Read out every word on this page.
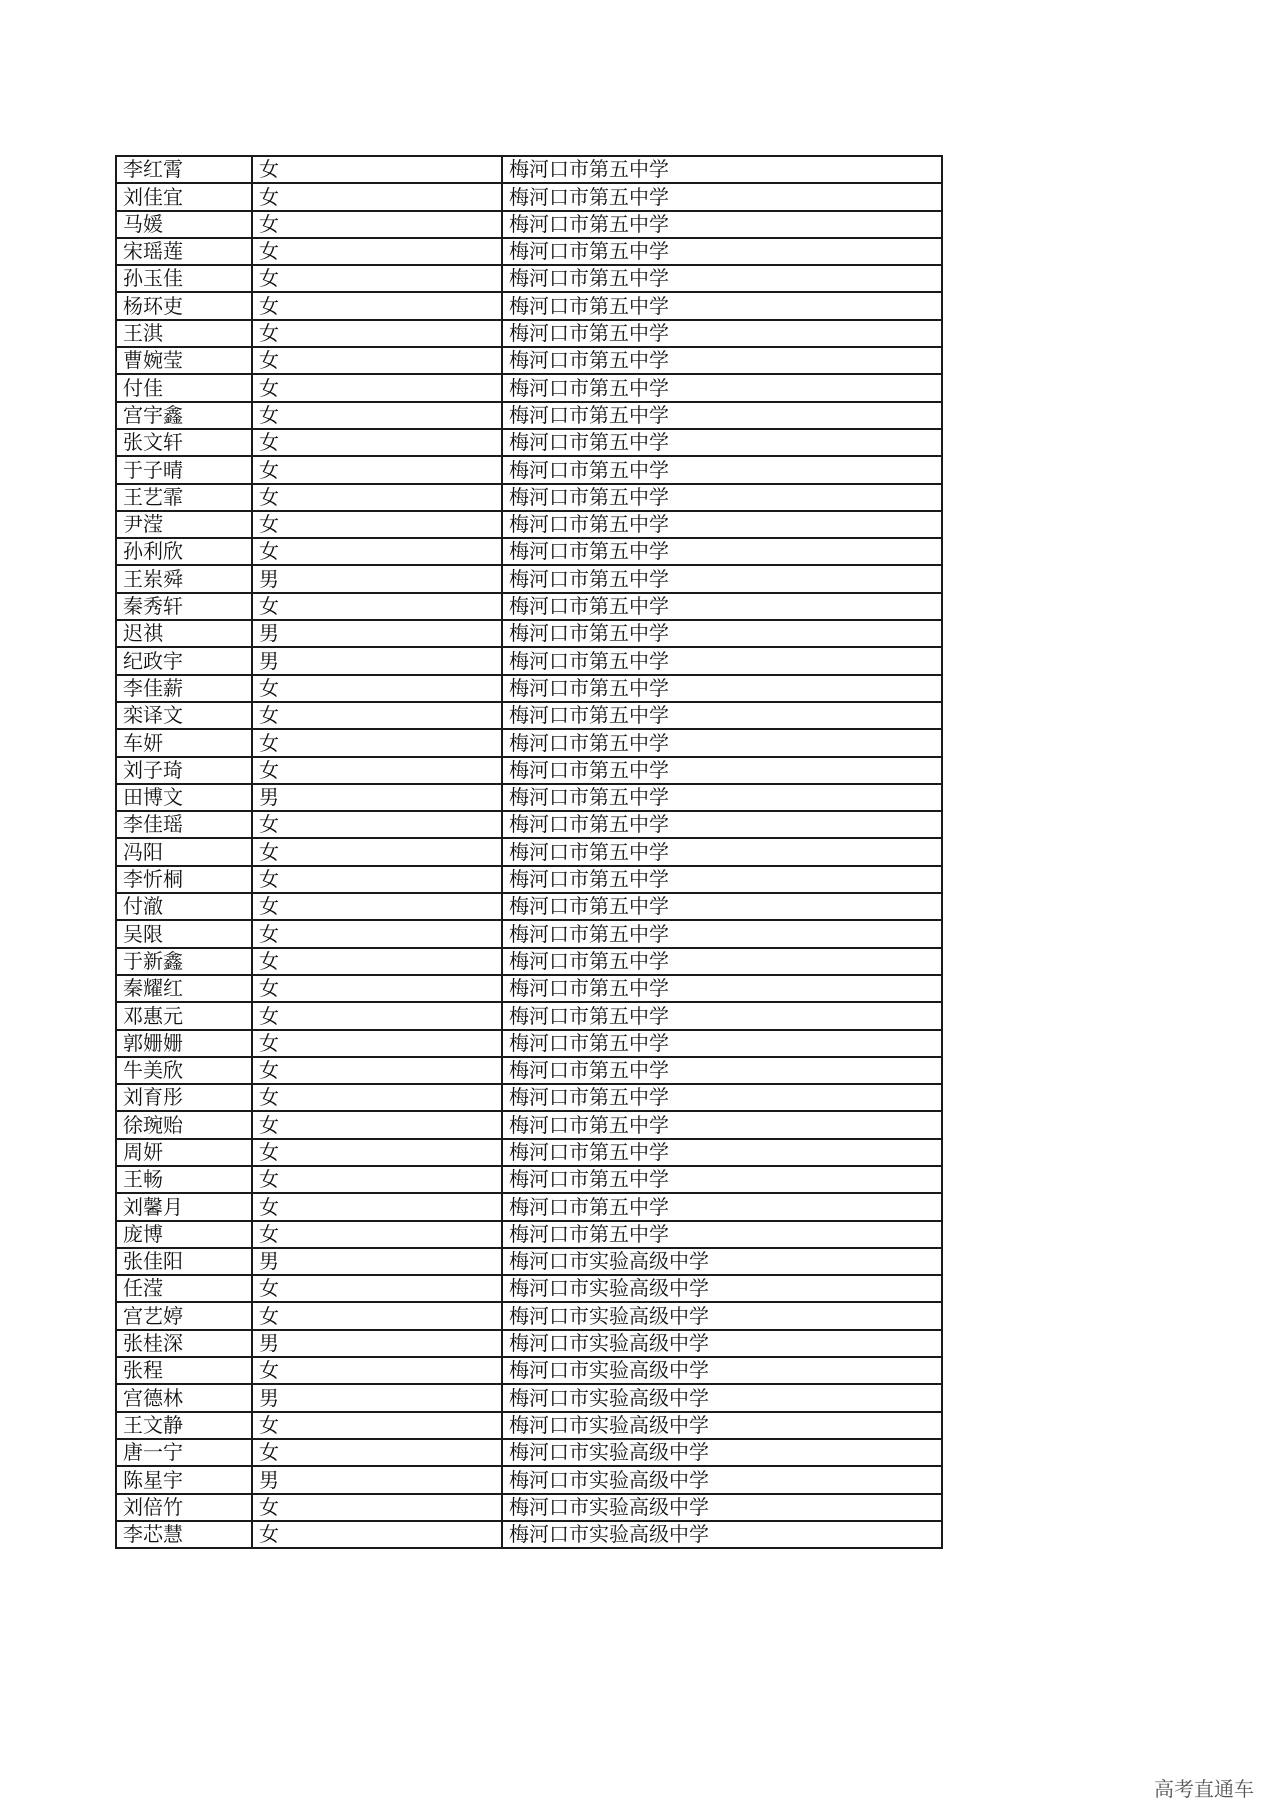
李红霄	女	梅河口市第五中学
刘佳宜	女	梅河口市第五中学
马媛	女	梅河口市第五中学
宋瑶莲	女	梅河口市第五中学
孙玉佳	女	梅河口市第五中学
杨环吏	女	梅河口市第五中学
王淇	女	梅河口市第五中学
曹婉莹	女	梅河口市第五中学
付佳	女	梅河口市第五中学
宫宇鑫	女	梅河口市第五中学
张文轩	女	梅河口市第五中学
于子晴	女	梅河口市第五中学
王艺霏	女	梅河口市第五中学
尹滢	女	梅河口市第五中学
孙利欣	女	梅河口市第五中学
王岽舜	男	梅河口市第五中学
秦秀轩	女	梅河口市第五中学
迟祺	男	梅河口市第五中学
纪政宇	男	梅河口市第五中学
李佳薪	女	梅河口市第五中学
栾译文	女	梅河口市第五中学
车妍	女	梅河口市第五中学
刘子琦	女	梅河口市第五中学
田博文	男	梅河口市第五中学
李佳瑶	女	梅河口市第五中学
冯阳	女	梅河口市第五中学
李忻桐	女	梅河口市第五中学
付澈	女	梅河口市第五中学
吴限	女	梅河口市第五中学
于新鑫	女	梅河口市第五中学
秦耀红	女	梅河口市第五中学
邓惠元	女	梅河口市第五中学
郭姗姗	女	梅河口市第五中学
牛美欣	女	梅河口市第五中学
刘育彤	女	梅河口市第五中学
徐琬贻	女	梅河口市第五中学
周妍	女	梅河口市第五中学
王畅	女	梅河口市第五中学
刘馨月	女	梅河口市第五中学
庞博	女	梅河口市第五中学
张佳阳	男	梅河口市实验高级中学
任滢	女	梅河口市实验高级中学
宫艺婷	女	梅河口市实验高级中学
张桂深	男	梅河口市实验高级中学
张程	女	梅河口市实验高级中学
宫德林	男	梅河口市实验高级中学
王文静	女	梅河口市实验高级中学
唐一宁	女	梅河口市实验高级中学
陈星宇	男	梅河口市实验高级中学
刘倍竹	女	梅河口市实验高级中学
李芯慧	女	梅河口市实验高级中学
高考直通车
